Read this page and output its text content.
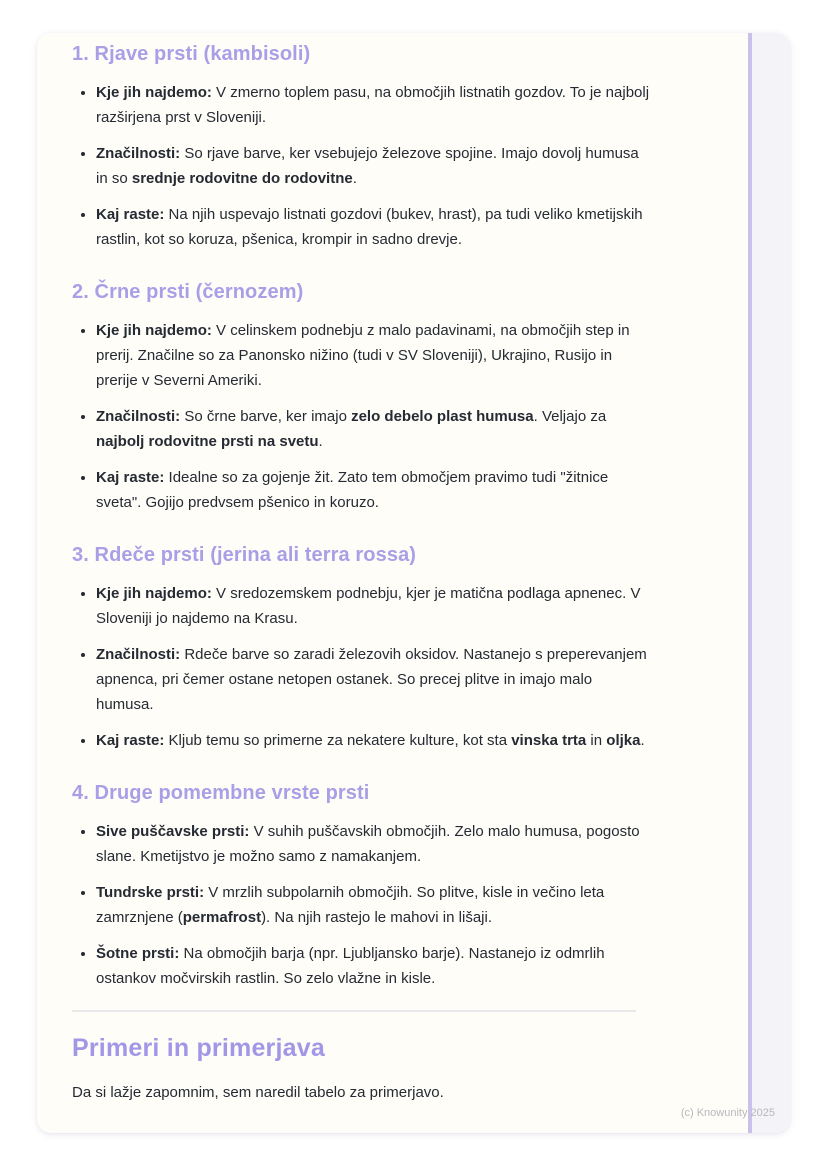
1. Rjave prsti (kambisoli)
• Kje jih najdemo: V zmerno toplem pasu, na območjih listnatih gozdov. To je najbolj razširjena prst v Sloveniji.
• Značilnosti: So rjave barve, ker vsebujejo železove spojine. Imajo dovolj humusa in so srednje rodovitne do rodovitne.
• Kaj raste: Na njih uspevajo listnati gozdovi (bukev, hrast), pa tudi veliko kmetijskih rastlin, kot so koruza, pšenica, krompir in sadno drevje.
2. Črne prsti (černozem)
• Kje jih najdemo: V celinskem podnebju z malo padavinami, na območjih step in prerij. Značilne so za Panonsko nižino (tudi v SV Sloveniji), Ukrajino, Rusijo in prerije v Severni Ameriki.
• Značilnosti: So črne barve, ker imajo zelo debelo plast humusa. Veljajo za najbolj rodovitne prsti na svetu.
• Kaj raste: Idealne so za gojenje žit. Zato tem območjem pravimo tudi "žitnice sveta". Gojijo predvsem pšenico in koruzo.
3. Rdeče prsti (jerina ali terra rossa)
• Kje jih najdemo: V sredozemskem podnebju, kjer je matična podlaga apnenec. V Sloveniji jo najdemo na Krasu.
• Značilnosti: Rdeče barve so zaradi železovih oksidov. Nastanejo s preperevanjem apnenca, pri čemer ostane netopen ostanek. So precej plitve in imajo malo humusa.
• Kaj raste: Kljub temu so primerne za nekatere kulture, kot sta vinska trta in oljka.
4. Druge pomembne vrste prsti
• Sive puščavske prsti: V suhih puščavskih območjih. Zelo malo humusa, pogosto slane. Kmetijstvo je možno samo z namakanjem.
• Tundrske prsti: V mrzlih subpolarnih območjih. So plitve, kisle in večino leta zamrznjene (permafrost). Na njih rastejo le mahovi in lišaji.
• Šotne prsti: Na območjih barja (npr. Ljubljansko barje). Nastanejo iz odmrlih ostankov močvirskih rastlin. So zelo vlažne in kisle.
Primeri in primerjava

Da si lažje zapomnim, sem naredil tabelo za primerjavo.

(c) Knowunity 2025
